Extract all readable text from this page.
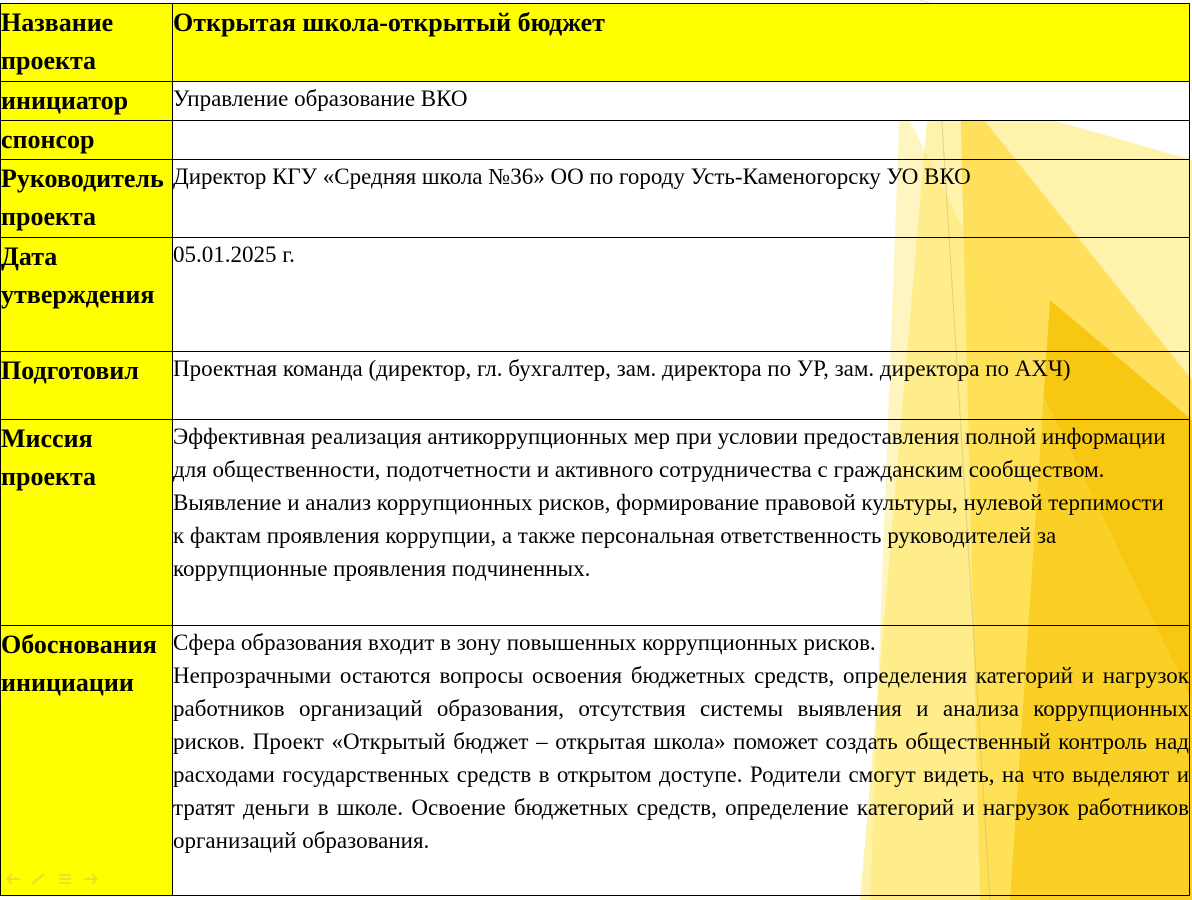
Название проекта	Открытая школа-открытый бюджет
инициатор	Управление образование ВКО
спонсор	
Руководитель проекта	Директор КГУ «Средняя школа №36» ОО по городу Усть-Каменогорску УО ВКО
Дата утверждения	05.01.2025 г.
Подготовил	Проектная команда (директор, гл. бухгалтер, зам. директора по УР, зам. директора по АХЧ)
Миссия проекта	Эффективная реализация антикоррупционных мер при условии предоставления полной информации для общественности, подотчетности и активного сотрудничества с гражданским сообществом. Выявление и анализ коррупционных рисков, формирование правовой культуры, нулевой терпимости к фактам проявления коррупции, а также персональная ответственность руководителей за коррупционные проявления подчиненных.
Обоснования инициации	Сфера образования входит в зону повышенных коррупционных рисков.
Непрозрачными остаются вопросы освоения бюджетных средств, определения категорий и нагрузок работников организаций образования, отсутствия системы выявления и анализа коррупционных рисков. Проект «Открытый бюджет – открытая школа» поможет создать общественный контроль над расходами государственных средств в открытом доступе. Родители смогут видеть, на что выделяют и тратят деньги в школе. Освоение бюджетных средств, определение категорий и нагрузок работников организаций образования.
